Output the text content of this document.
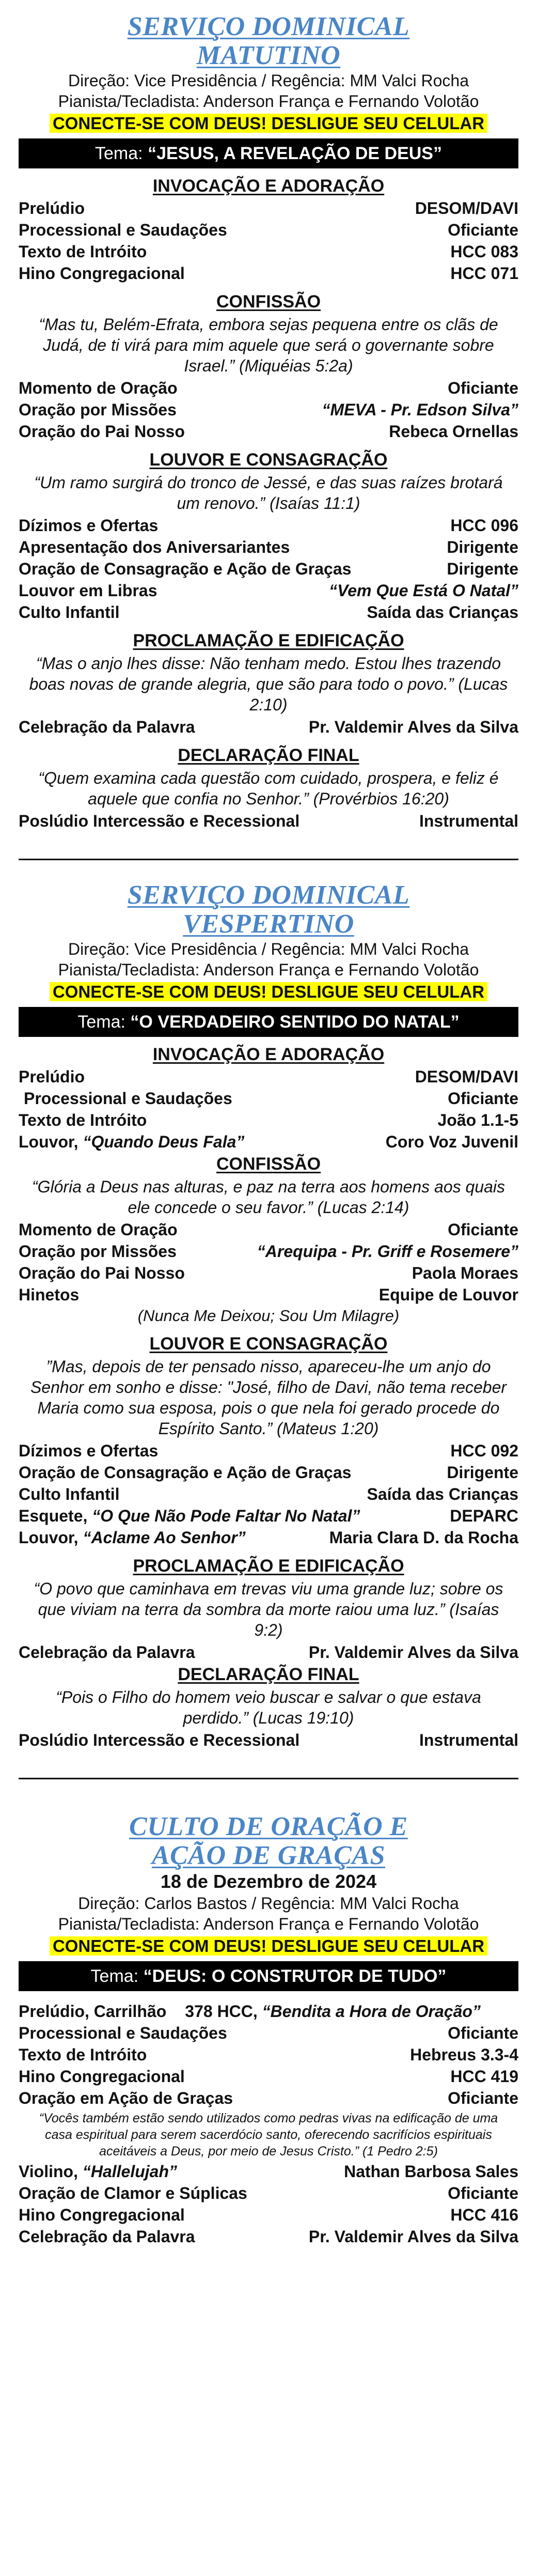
SERVIÇO DOMINICAL
MATUTINO
Direção: Vice Presidência / Regência: MM Valci Rocha
Pianista/Tecladista: Anderson França e Fernando Volotão
CONECTE-SE COM DEUS! DESLIGUE SEU CELULAR
Tema: “JESUS, A REVELAÇÃO DE DEUS”
INVOCAÇÃO E ADORAÇÃO
Prelúdio	DESOM/DAVI
Processional e Saudações	Oficiante
Texto de Intróito	HCC 083
Hino Congregacional	HCC 071
CONFISSÃO
“Mas tu, Belém-Efrata, embora sejas pequena entre os clãs de Judá, de ti virá para mim aquele que será o governante sobre Israel.” (Miquéias 5:2a)
Momento de Oração	Oficiante
Oração por Missões	“MEVA - Pr. Edson Silva”
Oração do Pai Nosso	Rebeca Ornellas
LOUVOR E CONSAGRAÇÃO
“Um ramo surgirá do tronco de Jessé, e das suas raízes brotará um renovo.” (Isaías 11:1)
Dízimos e Ofertas	HCC 096
Apresentação dos Aniversariantes	Dirigente
Oração de Consagração e Ação de Graças	Dirigente
Louvor em Libras	“Vem Que Está O Natal”
Culto Infantil	Saída das Crianças
PROCLAMAÇÃO E EDIFICAÇÃO
“Mas o anjo lhes disse: Não tenham medo. Estou lhes trazendo boas novas de grande alegria, que são para todo o povo.” (Lucas 2:10)
Celebração da Palavra	Pr. Valdemir Alves da Silva
DECLARAÇÃO FINAL
“Quem examina cada questão com cuidado, prospera, e feliz é aquele que confia no Senhor.” (Provérbios 16:20)
Poslúdio Intercessão e Recessional	Instrumental
SERVIÇO DOMINICAL
VESPERTINO
Direção: Vice Presidência / Regência: MM Valci Rocha
Pianista/Tecladista: Anderson França e Fernando Volotão
CONECTE-SE COM DEUS! DESLIGUE SEU CELULAR
Tema: “O VERDADEIRO SENTIDO DO NATAL”
INVOCAÇÃO E ADORAÇÃO
Prelúdio	DESOM/DAVI
Processional e Saudações	Oficiante
Texto de Intróito	João 1.1-5
Louvor, “Quando Deus Fala”	Coro Voz Juvenil
CONFISSÃO
“Glória a Deus nas alturas, e paz na terra aos homens aos quais ele concede o seu favor.” (Lucas 2:14)
Momento de Oração	Oficiante
Oração por Missões	“Arequipa - Pr. Griff e Rosemere”
Oração do Pai Nosso	Paola Moraes
Hinetos	Equipe de Louvor
(Nunca Me Deixou; Sou Um Milagre)
LOUVOR E CONSAGRAÇÃO
”Mas, depois de ter pensado nisso, apareceu-lhe um anjo do Senhor em sonho e disse: "José, filho de Davi, não tema receber Maria como sua esposa, pois o que nela foi gerado procede do Espírito Santo.” (Mateus 1:20)
Dízimos e Ofertas	HCC 092
Oração de Consagração e Ação de Graças	Dirigente
Culto Infantil	Saída das Crianças
Esquete, “O Que Não Pode Faltar No Natal”	DEPARC
Louvor, “Aclame Ao Senhor”	Maria Clara D. da Rocha
PROCLAMAÇÃO E EDIFICAÇÃO
“O povo que caminhava em trevas viu uma grande luz; sobre os que viviam na terra da sombra da morte raiou uma luz.” (Isaías 9:2)
Celebração da Palavra	Pr. Valdemir Alves da Silva
DECLARAÇÃO FINAL
“Pois o Filho do homem veio buscar e salvar o que estava perdido.” (Lucas 19:10)
Poslúdio Intercessão e Recessional	Instrumental
CULTO DE ORAÇÃO E
AÇÃO DE GRAÇAS
18 de Dezembro de 2024
Direção: Carlos Bastos / Regência: MM Valci Rocha
Pianista/Tecladista: Anderson França e Fernando Volotão
CONECTE-SE COM DEUS! DESLIGUE SEU CELULAR
Tema: “DEUS: O CONSTRUTOR DE TUDO”
Prelúdio, Carrilhão 378 HCC, “Bendita a Hora de Oração”
Processional e Saudações	Oficiante
Texto de Intróito	Hebreus 3.3-4
Hino Congregacional	HCC 419
Oração em Ação de Graças	Oficiante
“Vocês também estão sendo utilizados como pedras vivas na edificação de uma casa espiritual para serem sacerdócio santo, oferecendo sacrifícios espirituais aceitáveis a Deus, por meio de Jesus Cristo.” (1 Pedro 2:5)
Violino, “Hallelujah”	Nathan Barbosa Sales
Oração de Clamor e Súplicas	Oficiante
Hino Congregacional	HCC 416
Celebração da Palavra	Pr. Valdemir Alves da Silva
